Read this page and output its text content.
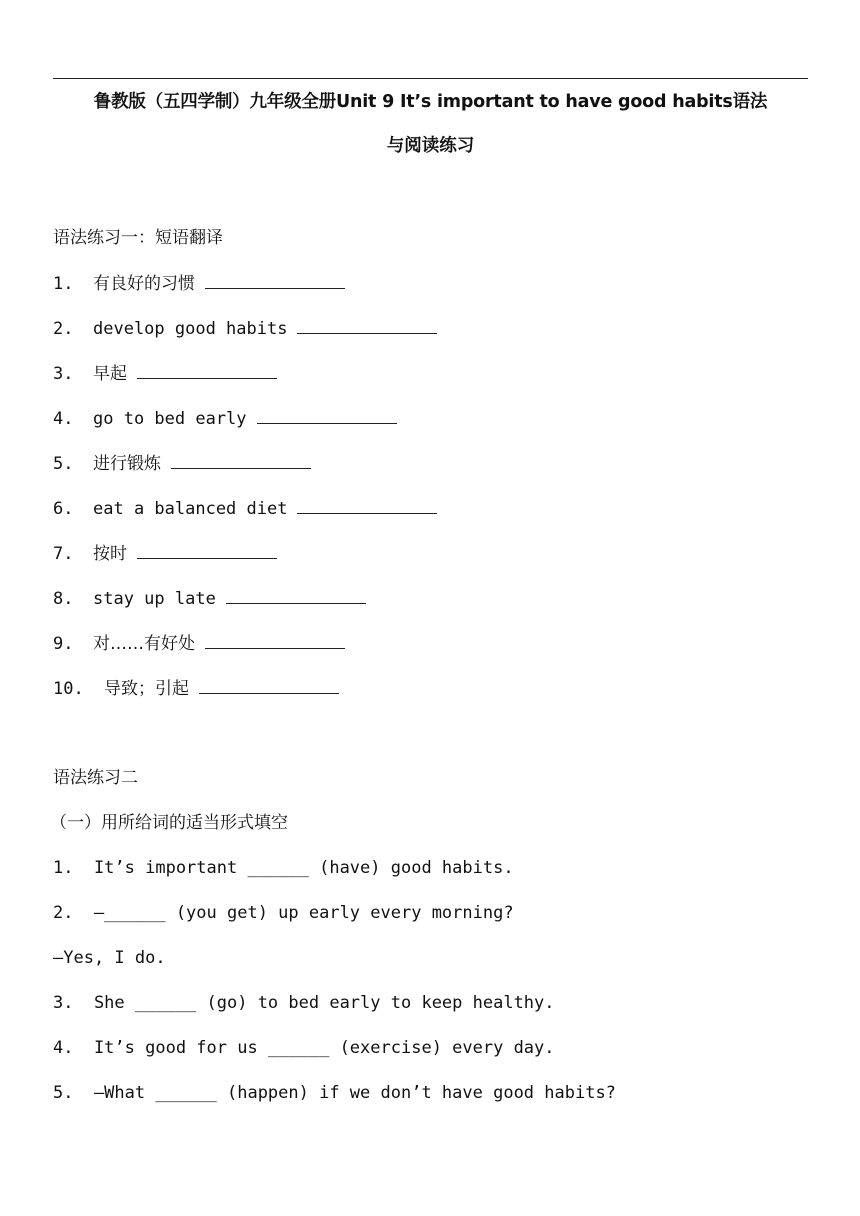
鲁教版（五四学制）九年级全册Unit 9 It’s important to have good habits语法
与阅读练习
语法练习一：短语翻译
1. 有良好的习惯
2. develop good habits
3. 早起
4. go to bed early
5. 进行锻炼
6. eat a balanced diet
7. 按时
8. stay up late
9. 对……有好处
10. 导致；引起
语法练习二
（一）用所给词的适当形式填空
1.  It’s important ______ (have) good habits.
2.  —______ (you get) up early every morning?
—Yes, I do.
3.  She ______ (go) to bed early to keep healthy.
4.  It’s good for us ______ (exercise) every day.
5.  —What ______ (happen) if we don’t have good habits?
